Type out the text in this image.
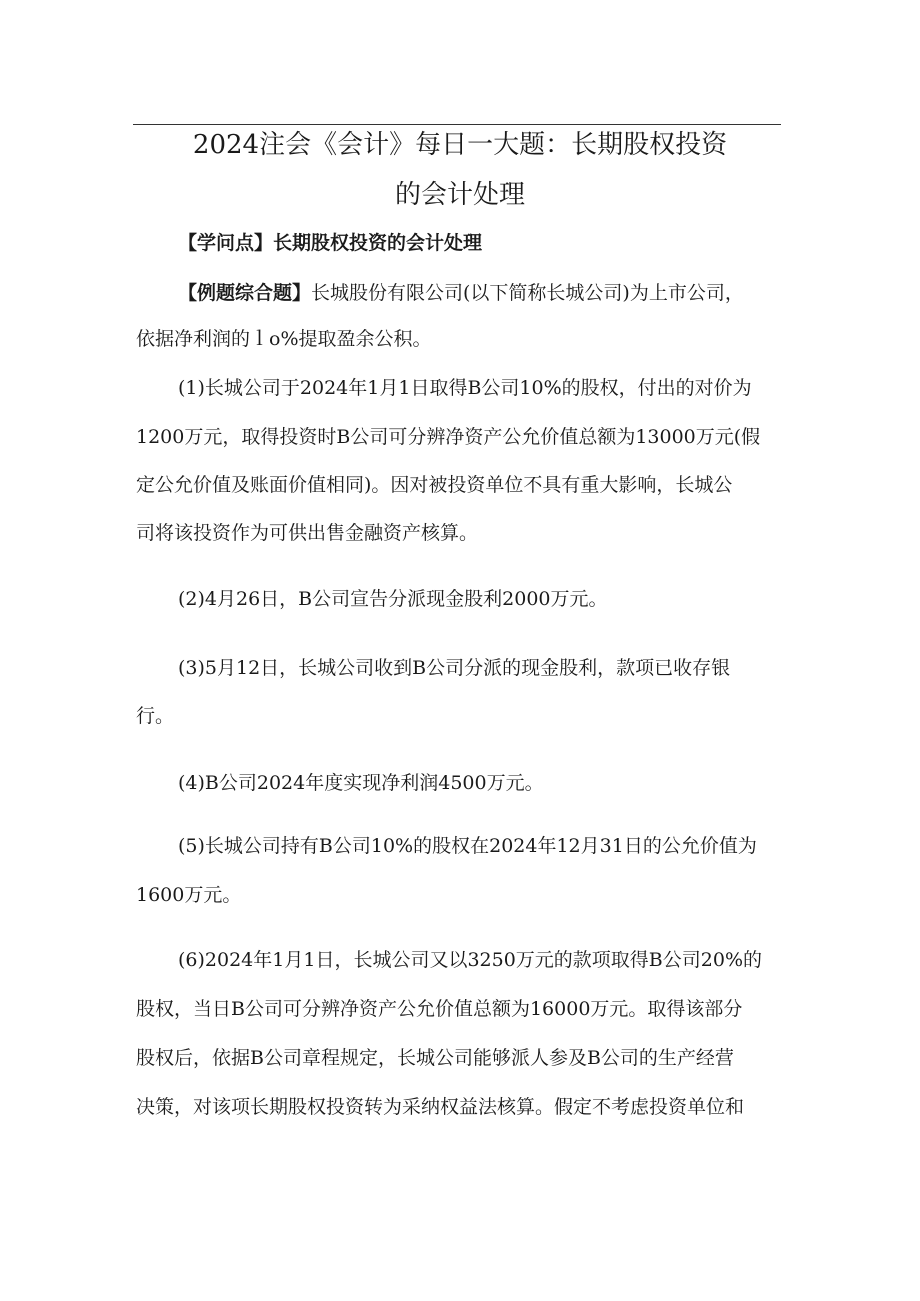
2024注会《会计》每日一大题：长期股权投资
的会计处理
【学问点】长期股权投资的会计处理
【例题综合题】长城股份有限公司(以下简称长城公司)为上市公司，
依据净利润的ｌo%提取盈余公积。
(1)长城公司于2024年1月1日取得B公司10%的股权，付出的对价为
1200万元，取得投资时B公司可分辨净资产公允价值总额为13000万元(假
定公允价值及账面价值相同)。因对被投资单位不具有重大影响，长城公
司将该投资作为可供出售金融资产核算。
(2)4月26日，B公司宣告分派现金股利2000万元。
(3)5月12日，长城公司收到B公司分派的现金股利，款项已收存银
行。
(4)B公司2024年度实现净利润4500万元。
(5)长城公司持有B公司10%的股权在2024年12月31日的公允价值为
1600万元。
(6)2024年1月1日，长城公司又以3250万元的款项取得B公司20%的
股权，当日B公司可分辨净资产公允价值总额为16000万元。取得该部分
股权后，依据B公司章程规定，长城公司能够派人参及B公司的生产经营
决策，对该项长期股权投资转为采纳权益法核算。假定不考虑投资单位和
